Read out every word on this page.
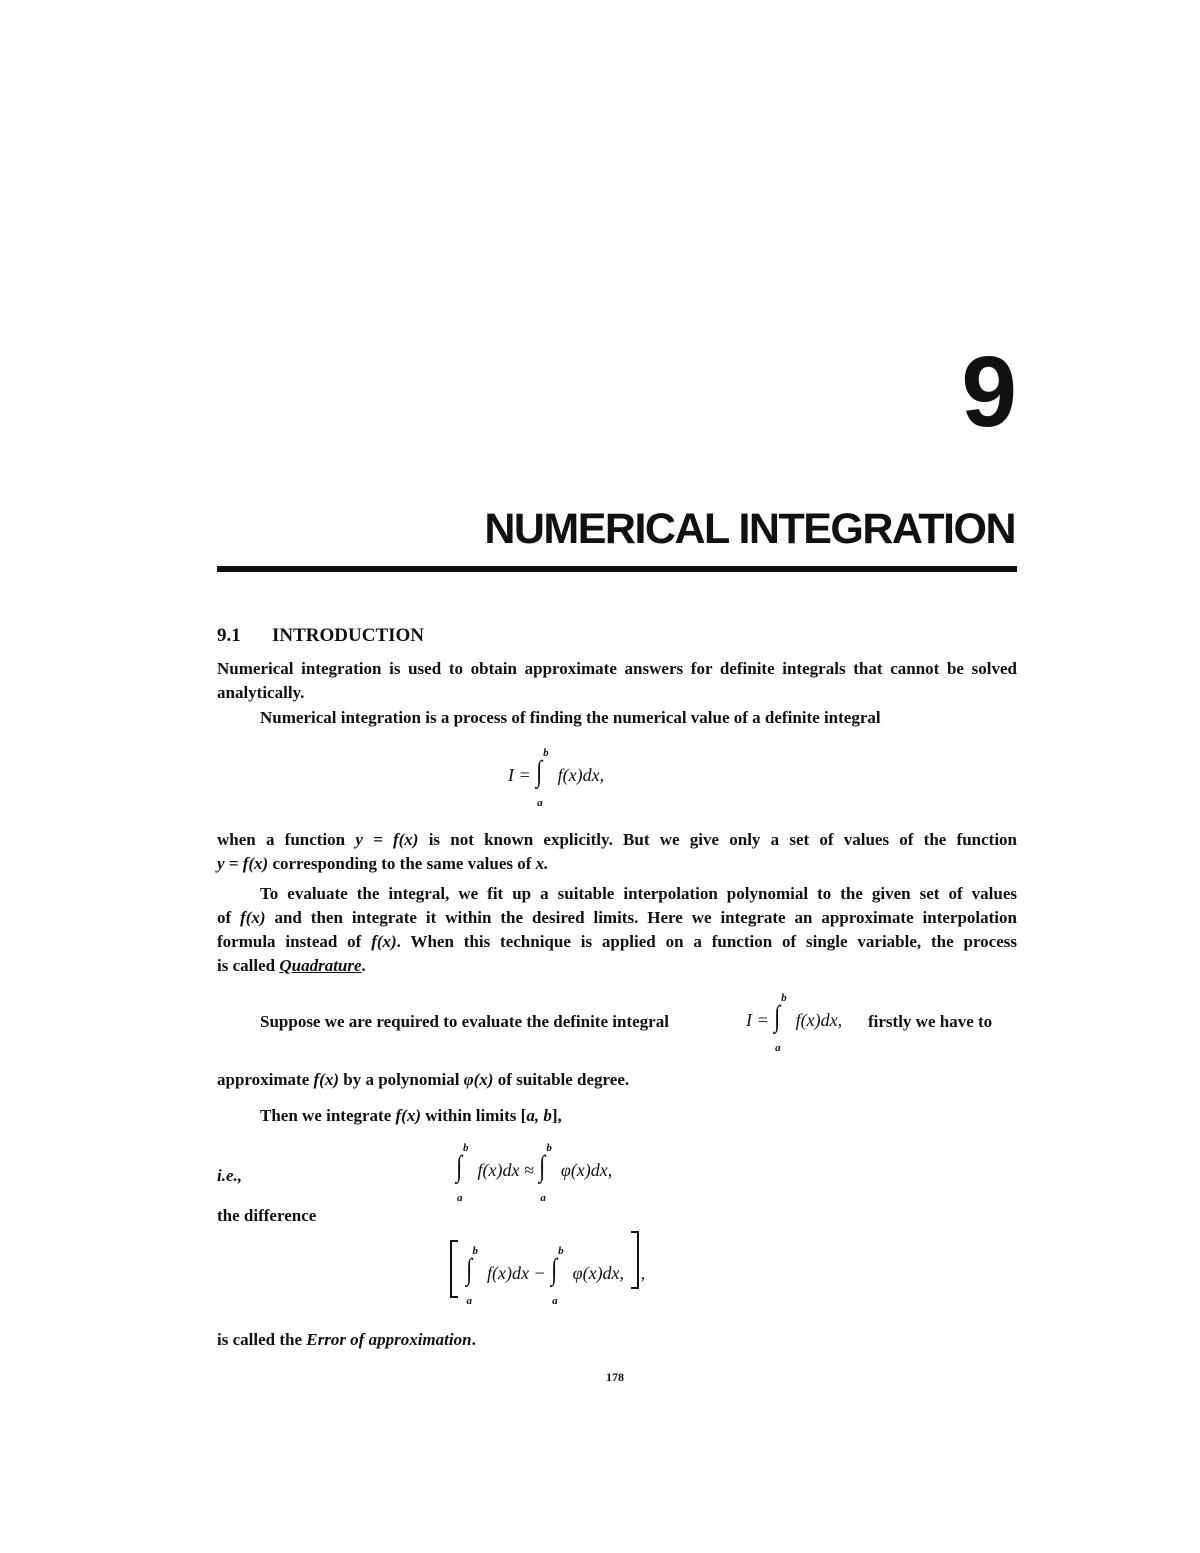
9
NUMERICAL INTEGRATION
9.1 INTRODUCTION
Numerical integration is used to obtain approximate answers for definite integrals that cannot be solved analytically.
Numerical integration is a process of finding the numerical value of a definite integral
I =
b
∫
a
f(x)dx,
when a function y = f(x) is not known explicitly. But we give only a set of values of the function
y = f(x) corresponding to the same values of x.
To evaluate the integral, we fit up a suitable interpolation polynomial to the given set of values
of f(x) and then integrate it within the desired limits. Here we integrate an approximate interpolation
formula instead of f(x). When this technique is applied on a function of single variable, the process
is called Quadrature.
Suppose we are required to evaluate the definite integral	I =
b
∫
a
f(x)dx, firstly we have to
approximate f(x) by a polynomial φ(x) of suitable degree.
Then we integrate f(x) within limits [a, b],
i.e.,
b
∫
a
f(x)dx ≈
b
∫
a
φ(x)dx,
the difference

b
∫
a
f(x)dx −
b
∫
a
φ(x)dx, ,
is called the Error of approximation.
178
